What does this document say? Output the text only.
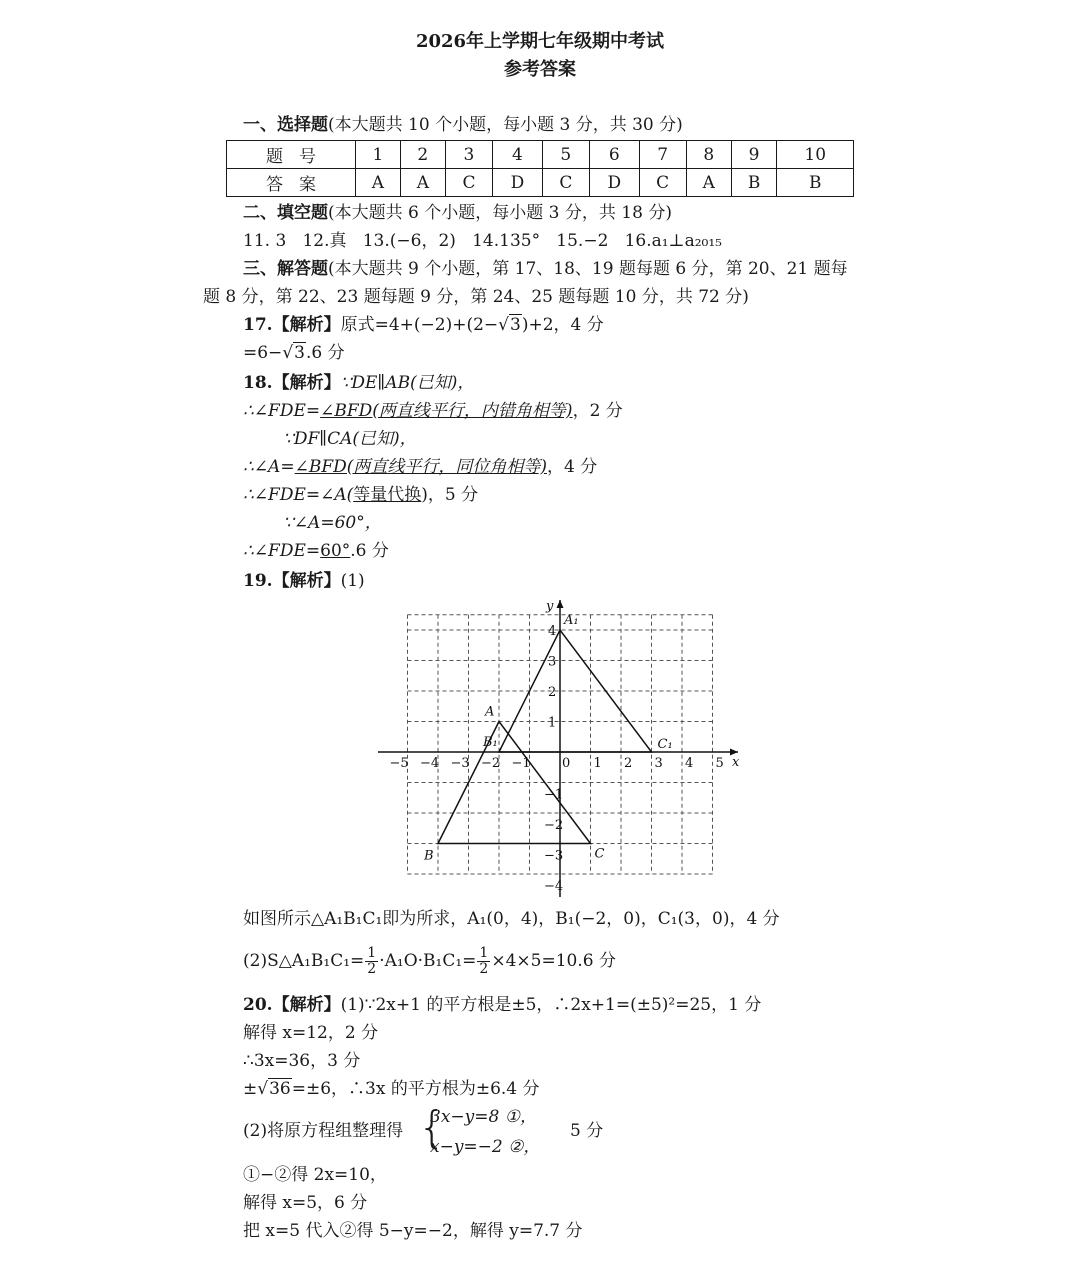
2026年上学期七年级期中考试
参考答案
一、选择题(本大题共 10 个小题，每小题 3 分，共 30 分)
题号	1	2	3	4	5	6	7	8	9	10
答案	A	A	C	D	C	D	C	A	B	B
二、填空题(本大题共 6 个小题，每小题 3 分，共 18 分)
11. 3   12.真   13.(−6，2)   14.135°   15.−2   16.a₁⊥a₂₀₁₅
三、解答题(本大题共 9 个小题，第 17、18、19 题每题 6 分，第 20、21 题每
题 8 分，第 22、23 题每题 9 分，第 24、25 题每题 10 分，共 72 分)
17.【解析】原式=4+(−2)+(2−√3)+2，4 分
=6−√3.6 分
18.【解析】∵DE∥AB(已知)，
∴∠FDE=∠BFD(两直线平行，内错角相等)，2 分
∵DF∥CA(已知)，
∴∠A=∠BFD(两直线平行，同位角相等)，4 分
∴∠FDE=∠A(等量代换)，5 分
∵∠A=60°，
∴∠FDE=60°.6 分
19.【解析】(1)
x
y
−5 −4 −3 −2 −1 0 1 2 3 4 5
4
3
2
1
−1
−2
−3
−4
A₁
B₁	C₁
A
B	C
如图所示△A₁B₁C₁即为所求，A₁(0，4)，B₁(−2，0)，C₁(3，0)，4 分
(2)S△A₁B₁C₁= $\frac{1}{2} \cdot A_1O\cdot B_1C_1= \frac{1}{2} \times 4\times 5=10.6$ 分
20.【解析】(1)∵2x+1 的平方根是±5，∴2x+1=(±5)²=25，1 分
解得 x=12，2 分
∴3x=36，3 分
±√36=±6，∴3x 的平方根为±6.4 分
(2)将原方程组整理得 {
3x−y=8 ①，
x−y=−2 ②，
5 分
①−②得 2x=10，
解得 x=5，6 分
把 x=5 代入②得 5−y=−2，解得 y=7.7 分
